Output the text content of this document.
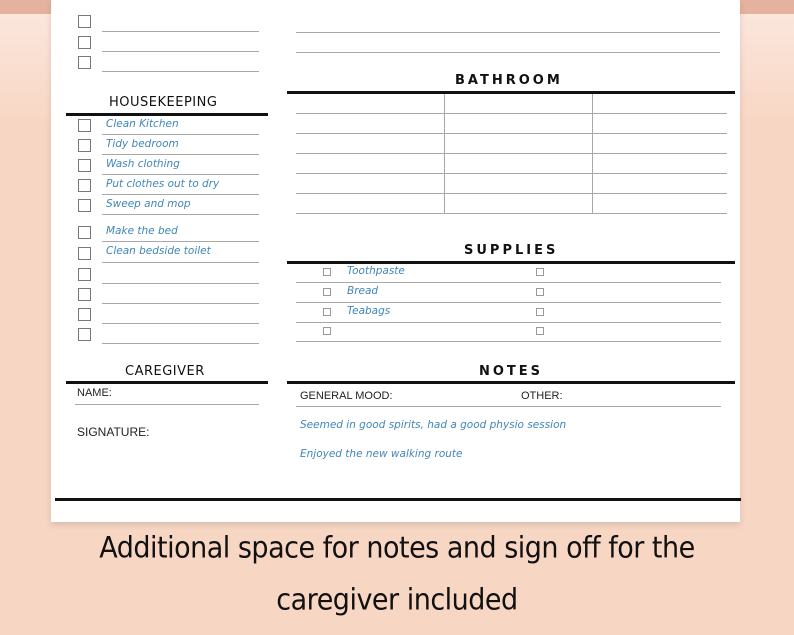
HOUSEKEEPING
Clean Kitchen
Tidy bedroom
Wash clothing
Put clothes out to dry
Sweep and mop
Make the bed
Clean bedside toilet
BATHROOM
SUPPLIES
Toothpaste
Bread
Teabags
CAREGIVER
NAME:
SIGNATURE:
NOTES
GENERAL MOOD:	OTHER:
Seemed in good spirits, had a good physio session
Enjoyed the new walking route
Additional space for notes and sign off for the
caregiver included
